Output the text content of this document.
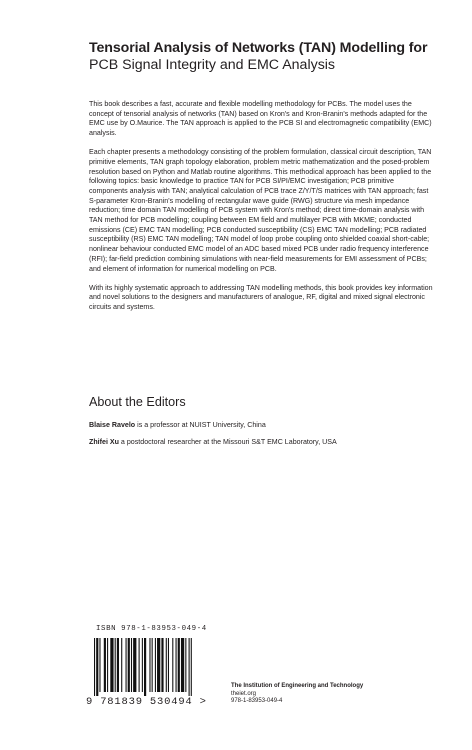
Tensorial Analysis of Networks (TAN) Modelling for
PCB Signal Integrity and EMC Analysis

This book describes a fast, accurate and flexible modelling methodology for PCBs. The model uses the concept of tensorial analysis of networks (TAN) based on Kron's and Kron-Branin's methods adapted for the EMC use by O.Maurice. The TAN approach is applied to the PCB SI and electromagnetic compatibility (EMC) analysis.

Each chapter presents a methodology consisting of the problem formulation, classical circuit description, TAN primitive elements, TAN graph topology elaboration, problem metric mathematization and the posed-problem resolution based on Python and Matlab routine algorithms. This methodical approach has been applied to the following topics: basic knowledge to practice TAN for PCB SI/PI/EMC investigation; PCB primitive components analysis with TAN; analytical calculation of PCB trace Z/Y/T/S matrices with TAN approach; fast S-parameter Kron-Branin's modelling of rectangular wave guide (RWG) structure via mesh impedance reduction; time domain TAN modelling of PCB system with Kron's method; direct time-domain analysis with TAN method for PCB modelling; coupling between EM field and multilayer PCB with MKME; conducted emissions (CE) EMC TAN modelling; PCB conducted susceptibility (CS) EMC TAN modelling; PCB radiated susceptibility (RS) EMC TAN modelling; TAN model of loop probe coupling onto shielded coaxial short-cable; nonlinear behaviour conducted EMC model of an ADC based mixed PCB under radio frequency interference (RFI); far-field prediction combining simulations with near-field measurements for EMI assessment of PCBs; and element of information for numerical modelling on PCB.

With its highly systematic approach to addressing TAN modelling methods, this book provides key information and novel solutions to the designers and manufacturers of analogue, RF, digital and mixed signal electronic circuits and systems.

About the Editors

Blaise Ravelo is a professor at NUIST University, China

Zhifei Xu a postdoctoral researcher at the Missouri S&T EMC Laboratory, USA

ISBN 978-1-83953-049-4
9 781839 530494 >
The Institution of Engineering and Technology
theiet.org
978-1-83953-049-4
